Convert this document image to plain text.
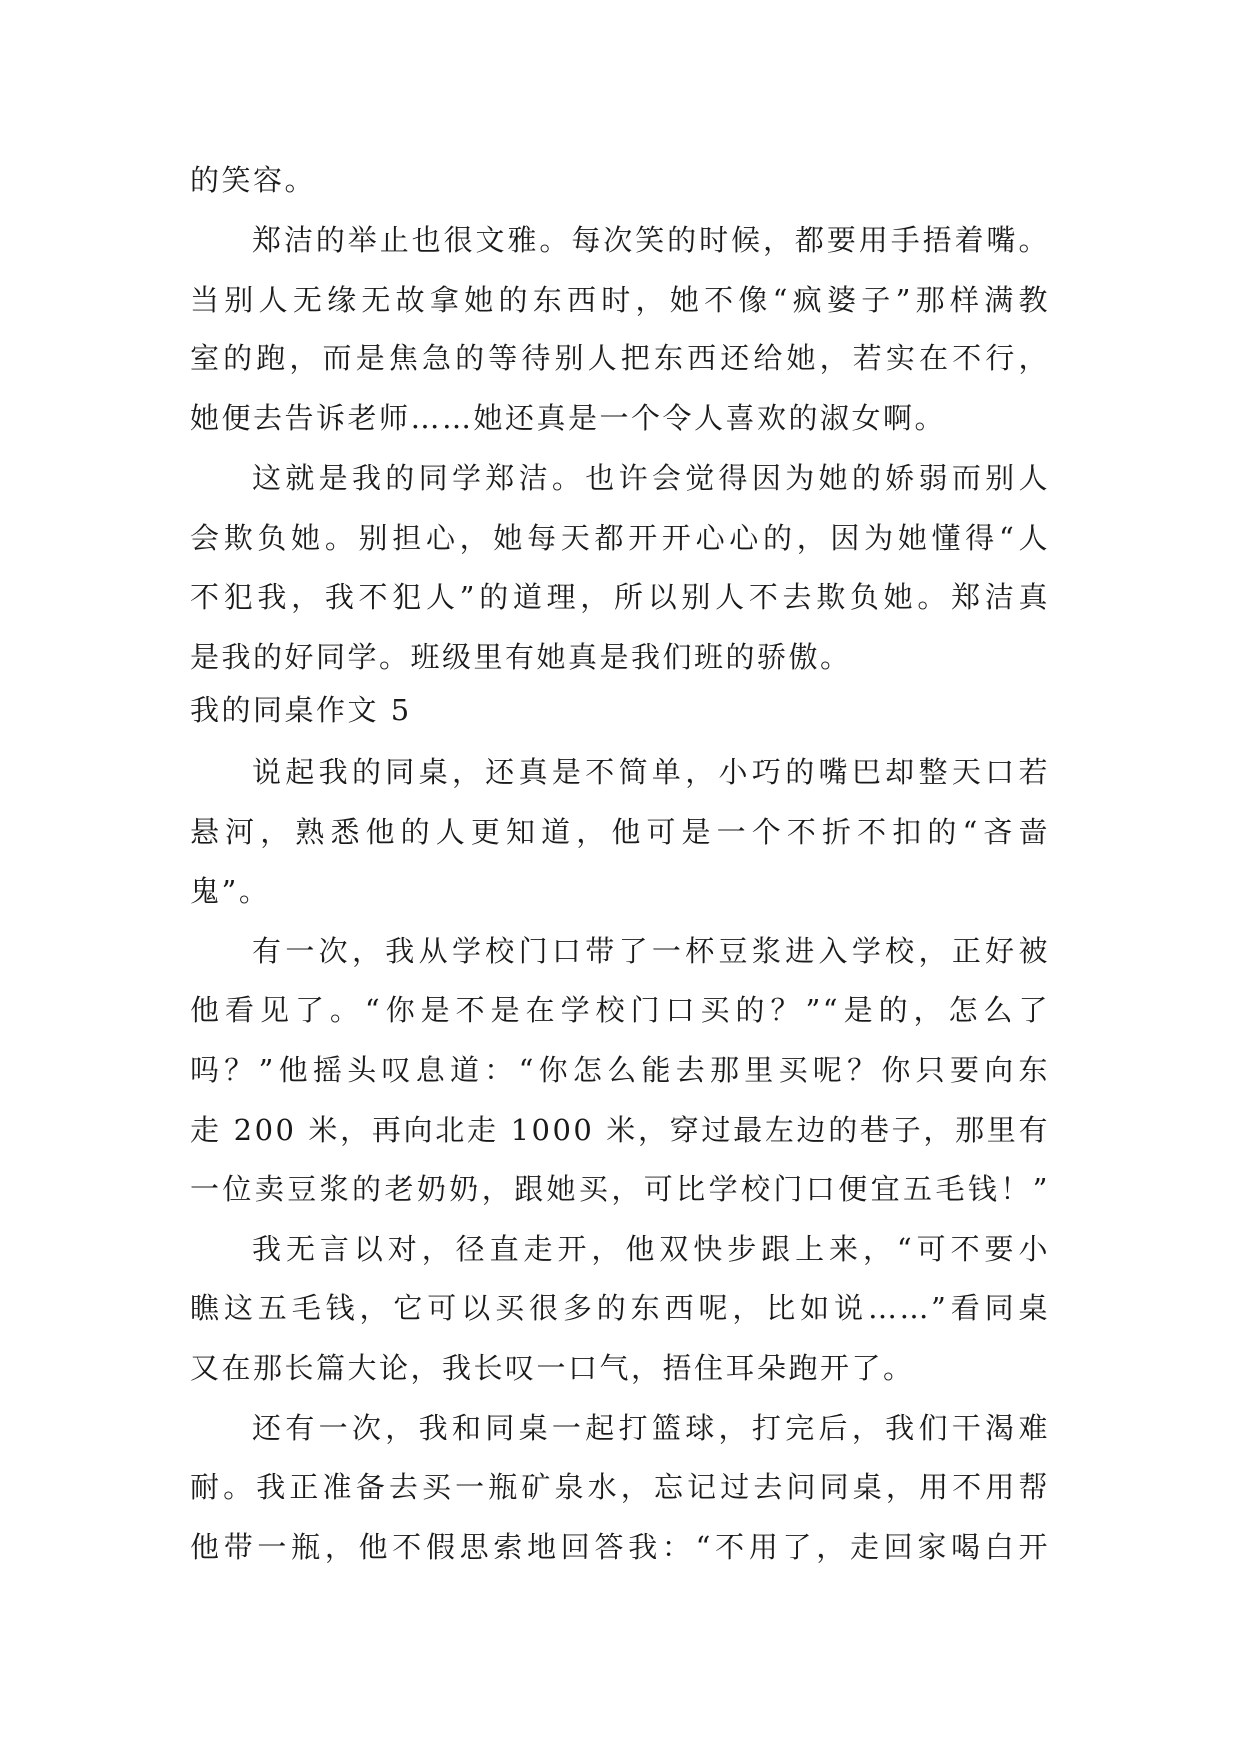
的笑容。
郑洁的举止也很文雅。每次笑的时候，都要用手捂着嘴。
当别人无缘无故拿她的东西时，她不像“疯婆子”那样满教
室的跑，而是焦急的等待别人把东西还给她，若实在不行，
她便去告诉老师……她还真是一个令人喜欢的淑女啊。
这就是我的同学郑洁。也许会觉得因为她的娇弱而别人
会欺负她。别担心，她每天都开开心心的，因为她懂得“人
不犯我，我不犯人”的道理，所以别人不去欺负她。郑洁真
是我的好同学。班级里有她真是我们班的骄傲。
我的同桌作文 5
说起我的同桌，还真是不简单，小巧的嘴巴却整天口若
悬河，熟悉他的人更知道，他可是一个不折不扣的“吝啬
鬼”。
有一次，我从学校门口带了一杯豆浆进入学校，正好被
他看见了。“你是不是在学校门口买的？”“是的，怎么了
吗？”他摇头叹息道：“你怎么能去那里买呢？你只要向东
走 200 米，再向北走 1000 米，穿过最左边的巷子，那里有
一位卖豆浆的老奶奶，跟她买，可比学校门口便宜五毛钱！”
我无言以对，径直走开，他双快步跟上来，“可不要小
瞧这五毛钱，它可以买很多的东西呢，比如说……”看同桌
又在那长篇大论，我长叹一口气，捂住耳朵跑开了。
还有一次，我和同桌一起打篮球，打完后，我们干渴难
耐。我正准备去买一瓶矿泉水，忘记过去问同桌，用不用帮
他带一瓶，他不假思索地回答我：“不用了，走回家喝白开
